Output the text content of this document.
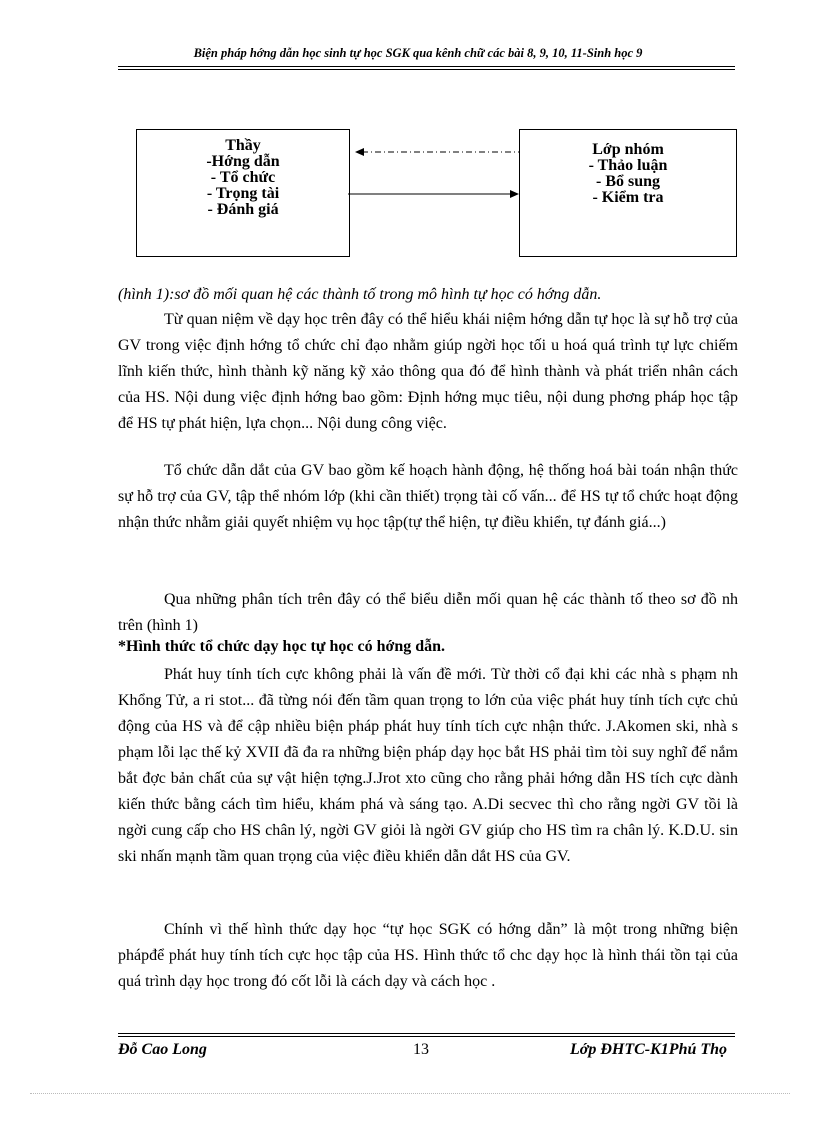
Biện pháp hớng dẫn học sinh tự học SGK qua kênh chữ các bài 8, 9, 10, 11-Sinh học 9
Thầy
-Hớng dẫn
- Tổ chức
- Trọng tài
- Đánh giá
Lớp nhóm
- Thảo luận
- Bổ sung
- Kiểm tra
(hình 1):sơ đồ mối quan hệ các thành tố trong mô hình tự học có hớng dẫn.
Từ quan niệm về dạy học trên đây có thể hiểu khái niệm hớng dẫn tự học là sự hỗ trợ của GV trong việc định hớng tổ chức chỉ đạo nhằm giúp ngời học tối u hoá quá trình tự lực chiếm lĩnh kiến thức, hình thành kỹ năng kỹ xảo thông qua đó để hình thành và phát triển nhân cách của HS. Nội dung việc định hớng bao gồm: Định hớng mục tiêu, nội dung phơng pháp học tập để HS tự phát hiện, lựa chọn... Nội dung công việc.
Tổ chức dẫn dắt của GV bao gồm kế hoạch hành động, hệ thống hoá bài toán nhận thức sự hỗ trợ của GV, tập thể nhóm lớp (khi cần thiết) trọng tài cố vấn... để HS tự tổ chức hoạt động nhận thức nhằm giải quyết nhiệm vụ học tập(tự thể hiện, tự điều khiển, tự đánh giá...)
Qua những phân tích trên đây có thể biểu diễn mối quan hệ các thành tố theo sơ đồ nh trên (hình 1)
*Hình thức tổ chức dạy học tự học có hớng dẫn.
Phát huy tính tích cực không phải là vấn đề mới. Từ thời cổ đại khi các nhà s phạm nh Khổng Tử, a ri stot... đã từng nói đến tầm quan trọng to lớn của việc phát huy tính tích cực chủ động của HS và để cập nhiều biện pháp phát huy tính tích cực nhận thức. J.Akomen ski, nhà s phạm lỗi lạc thế kỷ XVII đã đa ra những biện pháp dạy học bắt HS phải tìm tòi suy nghĩ để nắm bắt đợc bản chất của sự vật hiện tợng.J.Jrot xto cũng cho rằng phải hớng dẫn HS tích cực dành kiến thức bằng cách tìm hiểu, khám phá và sáng tạo. A.Di secvec thì cho rằng ngời GV tồi là ngời cung cấp cho HS chân lý, ngời GV giỏi là ngời GV giúp cho HS tìm ra chân lý. K.D.U. sin ski nhấn mạnh tầm quan trọng của việc điều khiển dẫn dắt HS của GV.
Chính vì thế hình thức dạy học “tự học SGK có hớng dẫn” là một trong những biện phápđể phát huy tính tích cực học tập của HS. Hình thức tổ chc dạy học là hình thái tồn tại của quá trình dạy học trong đó cốt lỗi là cách dạy và cách học .
Đỗ Cao Long	13	Lớp ĐHTC-K1Phú Thọ
